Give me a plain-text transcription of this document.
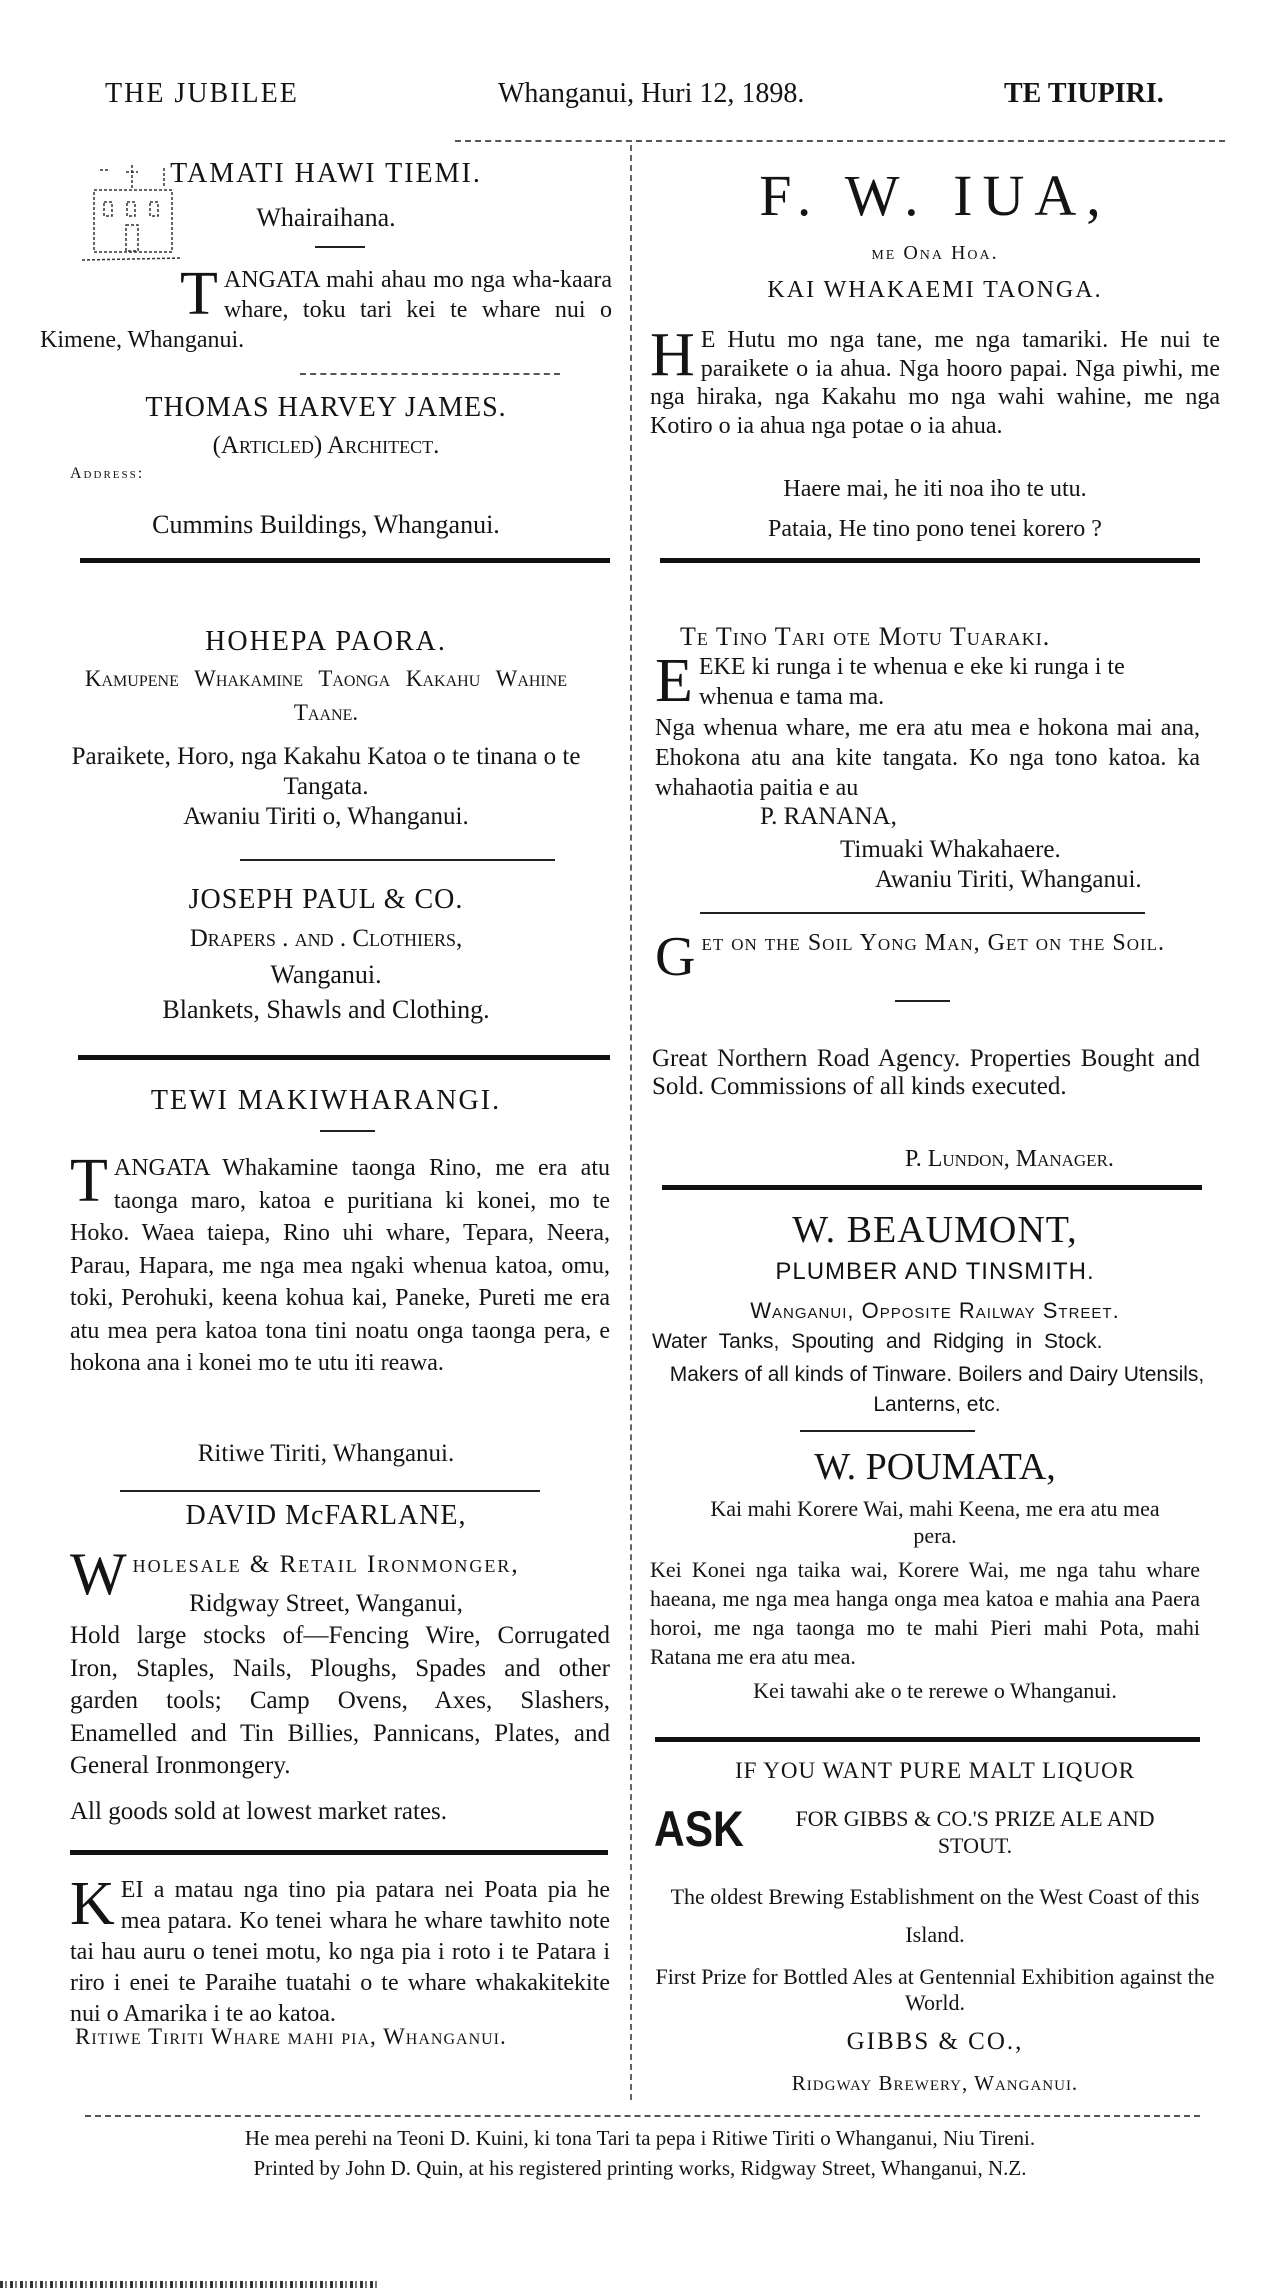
THE JUBILEE	Whanganui, Huri 12, 1898.	TE TIUPIRI.
TAMATI HAWI TIEMI.
Whairaihana.
T ANGATA mahi ahau mo nga wha-kaara whare, toku tari kei te whare nui o Kimene, Whanganui.
THOMAS HARVEY JAMES.
(Articled) Architect.
Address:
Cummins Buildings, Whanganui.
HOHEPA PAORA.
Kamupene Whakamine Taonga Kakahu Wahine Taane.
Paraikete, Horo, nga Kakahu Katoa o te tinana o te Tangata.
Awaniu Tiriti o, Whanganui.
JOSEPH PAUL & CO.
Drapers . and . Clothiers,
Wanganui.
Blankets, Shawls and Clothing.
TEWI MAKIWHARANGI.
T ANGATA Whakamine taonga Rino, me era atu taonga maro, katoa e puritiana ki konei, mo te Hoko. Waea taiepa, Rino uhi whare, Tepara, Neera, Parau, Hapara, me nga mea ngaki whenua katoa, omu, toki, Perohuki, keena kohua kai, Paneke, Pureti me era atu mea pera katoa tona tini noatu onga taonga pera, e hokona ana i konei mo te utu iti reawa.
Ritiwe Tiriti, Whanganui.
DAVID McFARLANE,
W holesale & Retail Ironmonger,
Ridgway Street, Wanganui,
Hold large stocks of—Fencing Wire, Corrugated Iron, Staples, Nails, Ploughs, Spades and other garden tools; Camp Ovens, Axes, Slashers, Enamelled and Tin Billies, Pannicans, Plates, and General Ironmongery.
All goods sold at lowest market rates.
K EI a matau nga tino pia patara nei Poata pia he mea patara. Ko tenei whara he whare tawhito note tai hau auru o tenei motu, ko nga pia i roto i te Patara i riro i enei te Paraihe tuatahi o te whare whakakitekite nui o Amarika i te ao katoa.
Ritiwe Tiriti Whare mahi pia, Whanganui.
F. W. IUA,
me Ona Hoa.
KAI WHAKAEMI TAONGA.
H E Hutu mo nga tane, me nga tamariki. He nui te paraikete o ia ahua. Nga hooro papai. Nga piwhi, me nga hiraka, nga Kakahu mo nga wahi wahine, me nga Kotiro o ia ahua nga potae o ia ahua.
Haere mai, he iti noa iho te utu.
Pataia, He tino pono tenei korero ?
Te Tino Tari ote Motu Tuaraki.
E EKE ki runga i te whenua e eke ki runga i te whenua e tama ma.
Nga whenua whare, me era atu mea e hokona mai ana, Ehokona atu ana kite tangata. Ko nga tono katoa. ka whahaotia paitia e au
P. RANANA,
Timuaki Whakahaere.
Awaniu Tiriti, Whanganui.
G et on the Soil Yong Man, Get on the Soil.
Great Northern Road Agency. Properties Bought and Sold. Commissions of all kinds executed.
P. Lundon, Manager.
W. BEAUMONT,
PLUMBER AND TINSMITH.
Wanganui, Opposite Railway Street.
Water Tanks, Spouting and Ridging in Stock.
Makers of all kinds of Tinware. Boilers and Dairy Utensils, Lanterns, etc.
W. POUMATA,
Kai mahi Korere Wai, mahi Keena, me era atu mea pera.
Kei Konei nga taika wai, Korere Wai, me nga tahu whare haeana, me nga mea hanga onga mea katoa e mahia ana Paera horoi, me nga taonga mo te mahi Pieri mahi Pota, mahi Ratana me era atu mea.
Kei tawahi ake o te rerewe o Whanganui.
IF YOU WANT PURE MALT LIQUOR
ASK	FOR GIBBS & CO.'S PRIZE ALE AND STOUT.
The oldest Brewing Establishment on the West Coast of this Island.
First Prize for Bottled Ales at Gentennial Exhibition against the World.
GIBBS & CO.,
Ridgway Brewery, Wanganui.
He mea perehi na Teoni D. Kuini, ki tona Tari ta pepa i Ritiwe Tiriti o Whanganui, Niu Tireni.
Printed by John D. Quin, at his registered printing works, Ridgway Street, Whanganui, N.Z.
